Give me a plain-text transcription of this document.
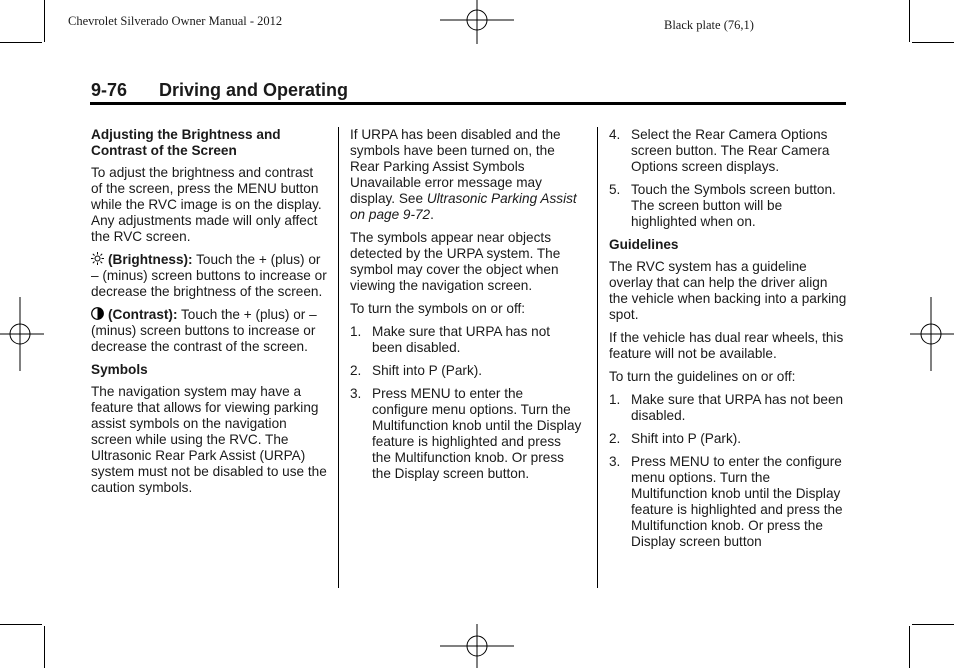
Chevrolet Silverado Owner Manual - 2012	Black plate (76,1)
9-76 Driving and Operating
Adjusting the Brightness and Contrast of the Screen

To adjust the brightness and contrast of the screen, press the MENU button while the RVC image is on the display. Any adjustments made will only affect the RVC screen.

(Brightness): Touch the + (plus) or – (minus) screen buttons to increase or decrease the brightness of the screen.

(Contrast): Touch the + (plus) or – (minus) screen buttons to increase or decrease the contrast of the screen.

Symbols

The navigation system may have a feature that allows for viewing parking assist symbols on the navigation screen while using the RVC. The Ultrasonic Rear Park Assist (URPA) system must not be disabled to use the caution symbols.

If URPA has been disabled and the symbols have been turned on, the Rear Parking Assist Symbols Unavailable error message may display. See Ultrasonic Parking Assist on page 9-72.

The symbols appear near objects detected by the URPA system. The symbol may cover the object when viewing the navigation screen.

To turn the symbols on or off:

1. Make sure that URPA has not been disabled.
2. Shift into P (Park).
3. Press MENU to enter the configure menu options. Turn the Multifunction knob until the Display feature is highlighted and press the Multifunction knob. Or press the Display screen button.
4. Select the Rear Camera Options screen button. The Rear Camera Options screen displays.
5. Touch the Symbols screen button. The screen button will be highlighted when on.
Guidelines

The RVC system has a guideline overlay that can help the driver align the vehicle when backing into a parking spot.

If the vehicle has dual rear wheels, this feature will not be available.

To turn the guidelines on or off:

1. Make sure that URPA has not been disabled.
2. Shift into P (Park).
3. Press MENU to enter the configure menu options. Turn the Multifunction knob until the Display feature is highlighted and press the Multifunction knob. Or press the Display screen button
